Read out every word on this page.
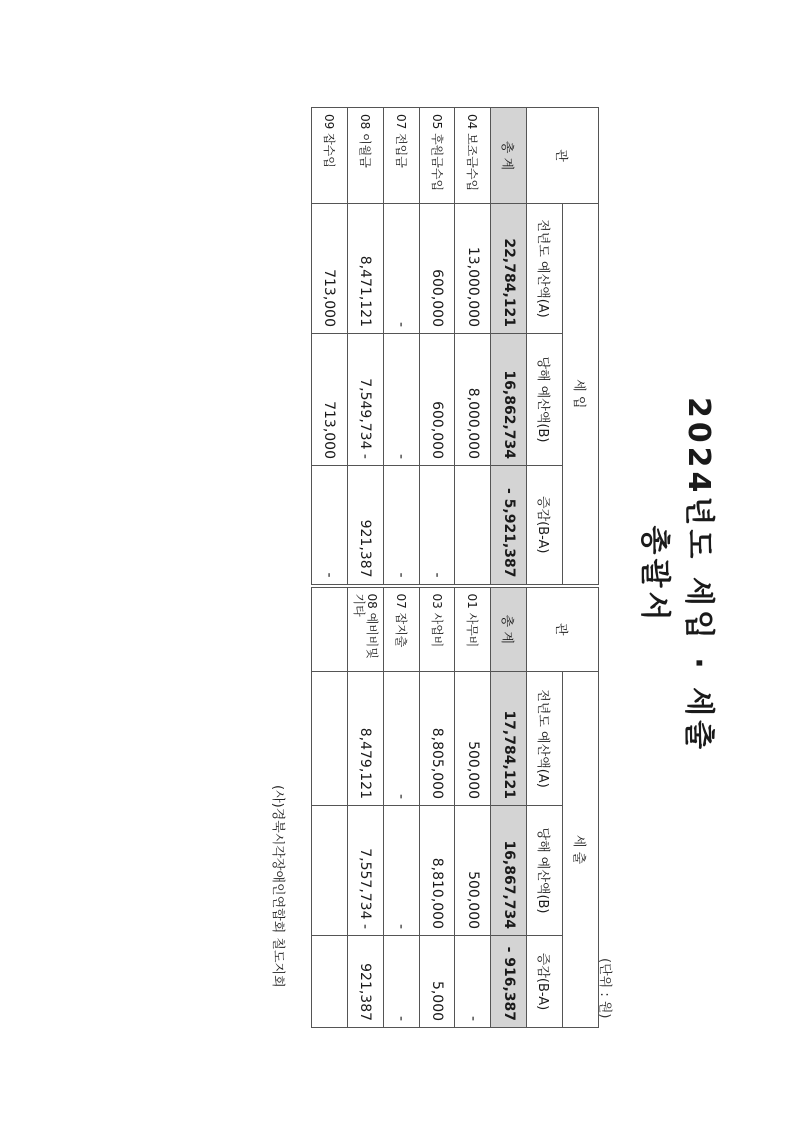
2024년도 세입 · 세출 총괄서
(단위 : 원)
관	세 입			관	세 출		
	전년도 예산액(A)	당해 예산액(B)	증감(B-A)		전년도 예산액(A)	당해 예산액(B)	증감(B-A)
총 계	22,784,121	16,862,734	- 5,921,387	총 계	17,784,121	16,867,734	- 916,387
04 보조금수입	13,000,000	8,000,000		01 사무비	500,000	500,000	-
05 후원금수입	600,000	600,000	-	03 사업비	8,805,000	8,810,000	5,000
07 전입금	-	-	-	07 잡지출	-	-	-
08 이월금	8,471,121	7,549,734 -	921,387	08 예비비및기타	8,479,121	7,557,734 -	921,387
09 잡수입	713,000	713,000	-				
(사)경북시각장애인연합회 칠도지회
